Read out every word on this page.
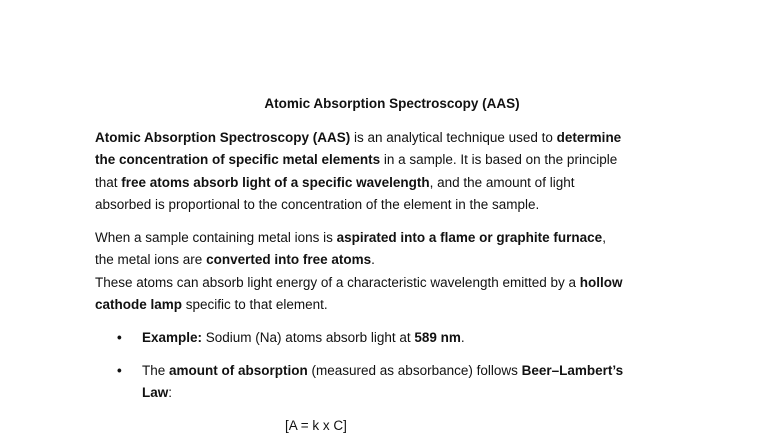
Atomic Absorption Spectroscopy (AAS)

Atomic Absorption Spectroscopy (AAS) is an analytical technique used to determine
the concentration of specific metal elements in a sample. It is based on the principle
that free atoms absorb light of a specific wavelength, and the amount of light
absorbed is proportional to the concentration of the element in the sample.

When a sample containing metal ions is aspirated into a flame or graphite furnace,
the metal ions are converted into free atoms.
These atoms can absorb light energy of a characteristic wavelength emitted by a hollow
cathode lamp specific to that element.

• Example: Sodium (Na) atoms absorb light at 589 nm.
• The amount of absorption (measured as absorbance) follows Beer–Lambert’s
Law:
[A = k x C]
